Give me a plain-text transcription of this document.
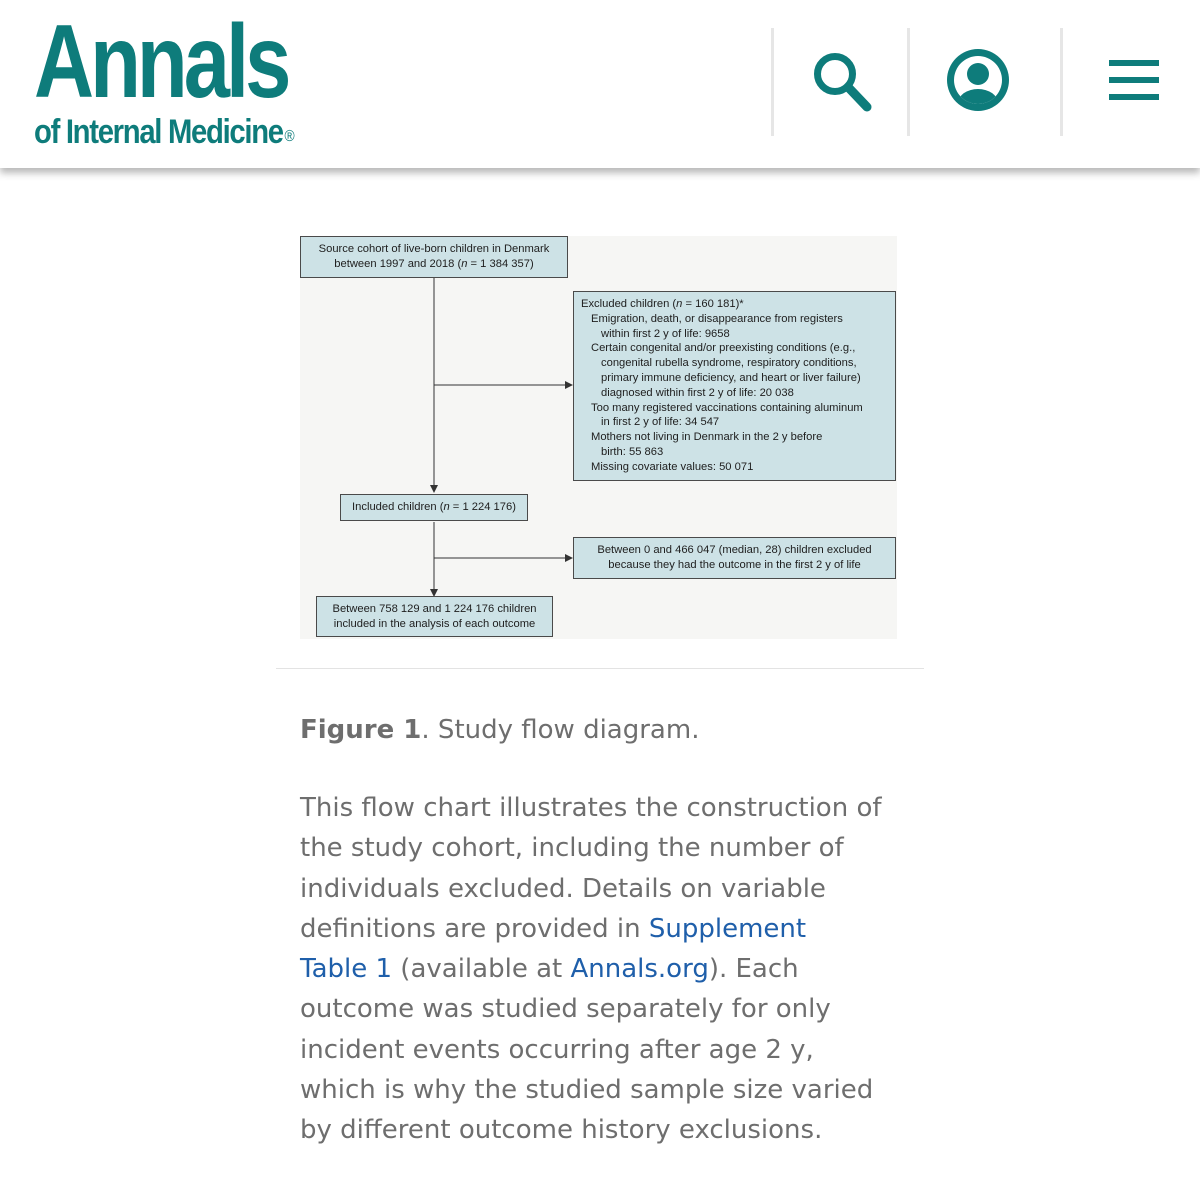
Annals
of Internal Medicine ®
Source cohort of live-born children in Denmark
between 1997 and 2018 (n = 1 384 357)
Excluded children (n = 160 181)*
Emigration, death, or disappearance from registers
within first 2 y of life: 9658
Certain congenital and/or preexisting conditions (e.g.,
congenital rubella syndrome, respiratory conditions,
primary immune deficiency, and heart or liver failure)
diagnosed within first 2 y of life: 20 038
Too many registered vaccinations containing aluminum
in first 2 y of life: 34 547
Mothers not living in Denmark in the 2 y before
birth: 55 863
Missing covariate values: 50 071
Included children (n = 1 224 176)
Between 0 and 466 047 (median, 28) children excluded
because they had the outcome in the first 2 y of life
Between 758 129 and 1 224 176 children
included in the analysis of each outcome
Figure 1. Study flow diagram.
This flow chart illustrates the construction of
the study cohort, including the number of
individuals excluded. Details on variable
definitions are provided in Supplement
Table 1 (available at Annals.org). Each
outcome was studied separately for only
incident events occurring after age 2 y,
which is why the studied sample size varied
by different outcome history exclusions.
